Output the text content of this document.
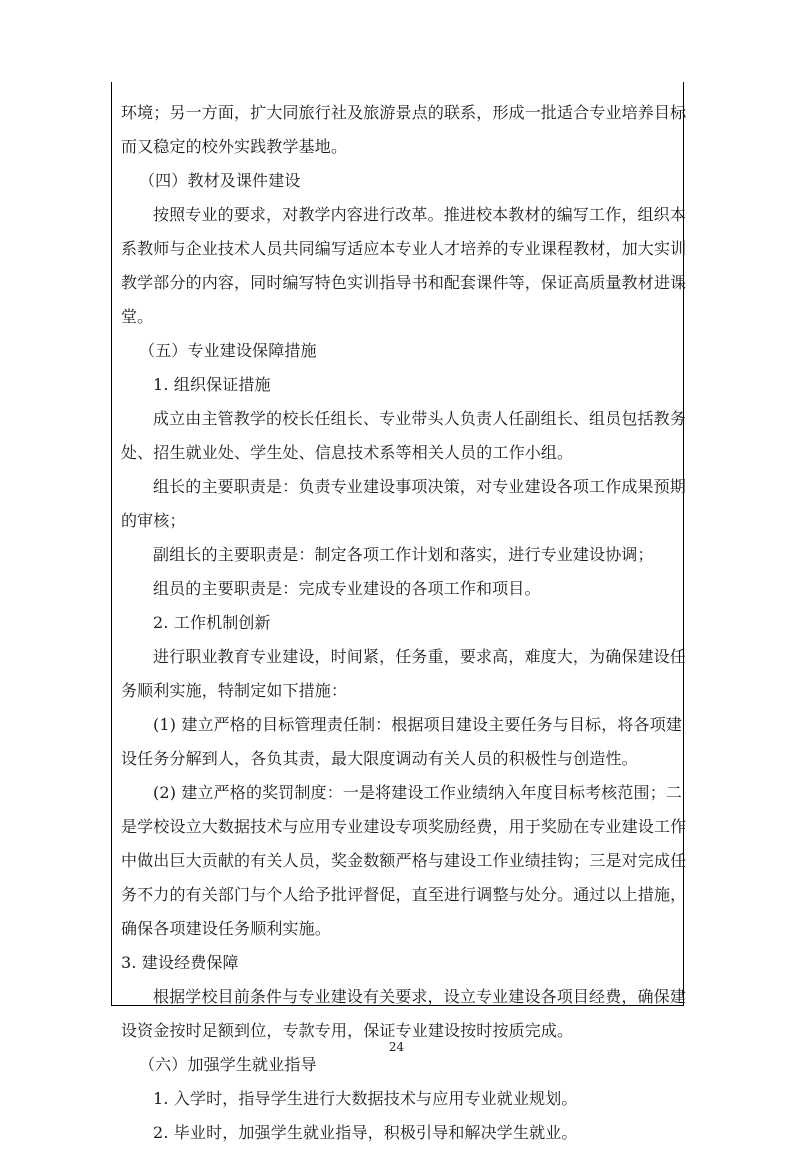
环境；另一方面，扩大同旅行社及旅游景点的联系，形成一批适合专业培养目标
而又稳定的校外实践教学基地。
（四）教材及课件建设
按照专业的要求，对教学内容进行改革。推进校本教材的编写工作，组织本
系教师与企业技术人员共同编写适应本专业人才培养的专业课程教材，加大实训
教学部分的内容，同时编写特色实训指导书和配套课件等，保证高质量教材进课
堂。
（五）专业建设保障措施
1. 组织保证措施
成立由主管教学的校长任组长、专业带头人负责人任副组长、组员包括教务
处、招生就业处、学生处、信息技术系等相关人员的工作小组。
组长的主要职责是：负责专业建设事项决策，对专业建设各项工作成果预期
的审核；
副组长的主要职责是：制定各项工作计划和落实，进行专业建设协调；
组员的主要职责是：完成专业建设的各项工作和项目。
2. 工作机制创新
进行职业教育专业建设，时间紧，任务重，要求高，难度大，为确保建设任
务顺利实施，特制定如下措施：
(1) 建立严格的目标管理责任制：根据项目建设主要任务与目标，将各项建
设任务分解到人，各负其责，最大限度调动有关人员的积极性与创造性。
(2) 建立严格的奖罚制度：一是将建设工作业绩纳入年度目标考核范围；二
是学校设立大数据技术与应用专业建设专项奖励经费，用于奖励在专业建设工作
中做出巨大贡献的有关人员，奖金数额严格与建设工作业绩挂钩；三是对完成任
务不力的有关部门与个人给予批评督促，直至进行调整与处分。通过以上措施，
确保各项建设任务顺利实施。
3. 建设经费保障
根据学校目前条件与专业建设有关要求，设立专业建设各项目经费，确保建
设资金按时足额到位，专款专用，保证专业建设按时按质完成。
（六）加强学生就业指导
1. 入学时，指导学生进行大数据技术与应用专业就业规划。
2. 毕业时，加强学生就业指导，积极引导和解决学生就业。
24
